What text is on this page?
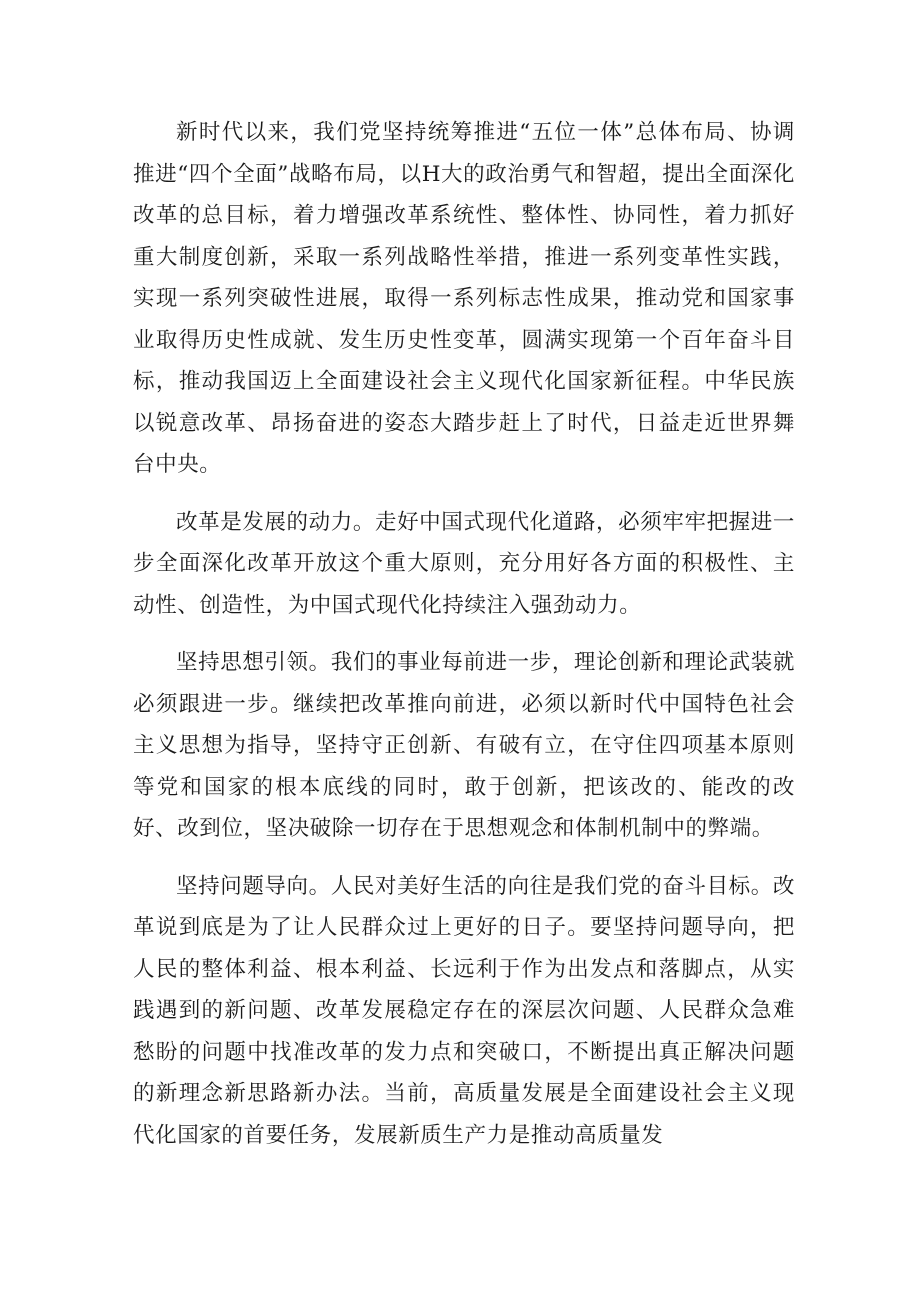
新时代以来，我们党坚持统筹推进“五位一体”总体布局、协调推进“四个全面”战略布局，以H大的政治勇气和智超，提出全面深化改革的总目标，着力增强改革系统性、整体性、协同性，着力抓好重大制度创新，采取一系列战略性举措，推进一系列变革性实践，实现一系列突破性进展，取得一系列标志性成果，推动党和国家事业取得历史性成就、发生历史性变革，圆满实现第一个百年奋斗目标，推动我国迈上全面建设社会主义现代化国家新征程。中华民族以锐意改革、昂扬奋进的姿态大踏步赶上了时代，日益走近世界舞台中央。

改革是发展的动力。走好中国式现代化道路，必须牢牢把握进一步全面深化改革开放这个重大原则，充分用好各方面的积极性、主动性、创造性，为中国式现代化持续注入强劲动力。

坚持思想引领。我们的事业每前进一步，理论创新和理论武装就必须跟进一步。继续把改革推向前进，必须以新时代中国特色社会主义思想为指导，坚持守正创新、有破有立，在守住四项基本原则等党和国家的根本底线的同时，敢于创新，把该改的、能改的改好、改到位，坚决破除一切存在于思想观念和体制机制中的弊端。

坚持问题导向。人民对美好生活的向往是我们党的奋斗目标。改革说到底是为了让人民群众过上更好的日子。要坚持问题导向，把人民的整体利益、根本利益、长远利于作为出发点和落脚点，从实践遇到的新问题、改革发展稳定存在的深层次问题、人民群众急难愁盼的问题中找准改革的发力点和突破口，不断提出真正解决问题的新理念新思路新办法。当前，高质量发展是全面建设社会主义现代化国家的首要任务，发展新质生产力是推动高质量发
